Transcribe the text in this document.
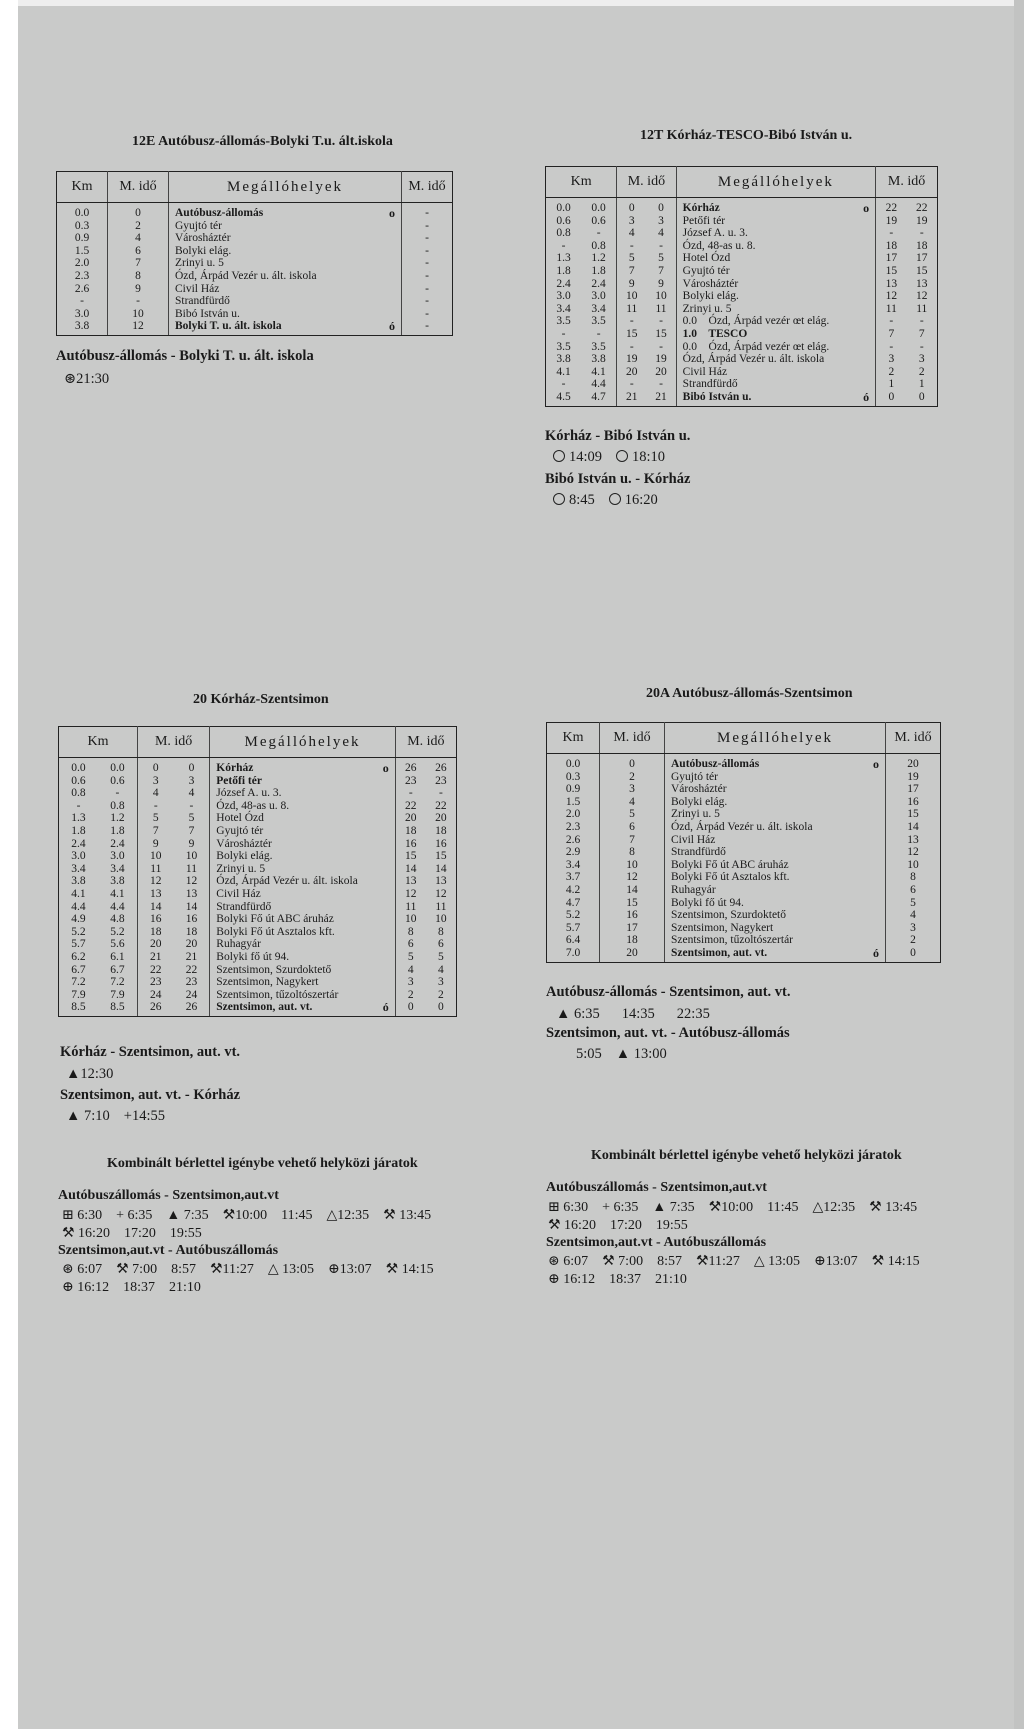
12E Autóbusz-állomás-Bolyki T.u. ált.iskola
Km	M. idő	Megállóhelyek		M. idő
0.0	0	Autóbusz-állomás	o	-
0.3	2	Gyujtó tér		-
0.9	4	Városháztér		-
1.5	6	Bolyki elág.		-
2.0	7	Zrinyi u. 5		-
2.3	8	Ózd, Árpád Vezér u. ált. iskola		-
2.6	9	Civil Ház		-
-	-	Strandfürdő		-
3.0	10	Bibó István u.		-
3.8	12	Bolyki T. u. ált. iskola	ó	-
Autóbusz-állomás - Bolyki T. u. ált. iskola
⊛21:30
12T Kórház-TESCO-Bibó István u.
Km		M. idő		Megállóhelyek		M. idő	
0.0	0.0	0	0	Kórház	o	22	22
0.6	0.6	3	3	Petőfi tér		19	19
0.8	-	4	4	József A. u. 3.		-	-
-	0.8	-	-	Ózd, 48-as u. 8.		18	18
1.3	1.2	5	5	Hotel Ózd		17	17
1.8	1.8	7	7	Gyujtó tér		15	15
2.4	2.4	9	9	Városháztér		13	13
3.0	3.0	10	10	Bolyki elág.		12	12
3.4	3.4	11	11	Zrinyi u. 5		11	11
3.5	3.5	-	-	0.0    Ózd, Árpád vezér œt elág.		-	-
-	-	15	15	1.0    TESCO		7	7
3.5	3.5	-	-	0.0    Ózd, Árpád vezér œt elág.		-	-
3.8	3.8	19	19	Ózd, Árpád Vezér u. ált. iskola		3	3
4.1	4.1	20	20	Civil Ház		2	2
-	4.4	-	-	Strandfürdő		1	1
4.5	4.7	21	21	Bibó István u.	ó	0	0
Kórház - Bibó István u.
14:09 18:10
Bibó István u. - Kórház
8:45 16:20
20 Kórház-Szentsimon
Km		M. idő		Megállóhelyek		M. idő	
0.0	0.0	0	0	Kórház	o	26	26
0.6	0.6	3	3	Petőfi tér		23	23
0.8	-	4	4	József A. u. 3.		-	-
-	0.8	-	-	Ózd, 48-as u. 8.		22	22
1.3	1.2	5	5	Hotel Ózd		20	20
1.8	1.8	7	7	Gyujtó tér		18	18
2.4	2.4	9	9	Városháztér		16	16
3.0	3.0	10	10	Bolyki elág.		15	15
3.4	3.4	11	11	Zrinyi u. 5		14	14
3.8	3.8	12	12	Ózd, Árpád Vezér u. ált. iskola		13	13
4.1	4.1	13	13	Civil Ház		12	12
4.4	4.4	14	14	Strandfürdő		11	11
4.9	4.8	16	16	Bolyki Fő út ABC áruház		10	10
5.2	5.2	18	18	Bolyki Fő út Asztalos kft.		8	8
5.7	5.6	20	20	Ruhagyár		6	6
6.2	6.1	21	21	Bolyki fő út 94.		5	5
6.7	6.7	22	22	Szentsimon, Szurdoktető		4	4
7.2	7.2	23	23	Szentsimon, Nagykert		3	3
7.9	7.9	24	24	Szentsimon, tűzoltószertár		2	2
8.5	8.5	26	26	Szentsimon, aut. vt.	ó	0	0
Kórház - Szentsimon, aut. vt.
▲12:30
Szentsimon, aut. vt. - Kórház
▲ 7:10 +14:55
20A Autóbusz-állomás-Szentsimon
Km	M. idő	Megállóhelyek		M. idő
0.0	0	Autóbusz-állomás	o	20
0.3	2	Gyujtó tér		19
0.9	3	Városháztér		17
1.5	4	Bolyki elág.		16
2.0	5	Zrinyi u. 5		15
2.3	6	Ózd, Árpád Vezér u. ált. iskola		14
2.6	7	Civil Ház		13
2.9	8	Strandfürdő		12
3.4	10	Bolyki Fő út ABC áruház		10
3.7	12	Bolyki Fő út Asztalos kft.		8
4.2	14	Ruhagyár		6
4.7	15	Bolyki fő út 94.		5
5.2	16	Szentsimon, Szurdoktető		4
5.7	17	Szentsimon, Nagykert		3
6.4	18	Szentsimon, tűzoltószertár		2
7.0	20	Szentsimon, aut. vt.	ó	0
Autóbusz-állomás - Szentsimon, aut. vt.
▲ 6:35 14:35 22:35
Szentsimon, aut. vt. - Autóbusz-állomás
5:05 ▲ 13:00
Kombinált bérlettel igénybe vehető helyközi járatok
Autóbuszállomás - Szentsimon,aut.vt
⊞ 6:30 + 6:35 ▲ 7:35 ⚒10:00 11:45 △12:35 ⚒ 13:45
⚒ 16:20 17:20 19:55
Szentsimon,aut.vt - Autóbuszállomás
⊛ 6:07 ⚒ 7:00 8:57 ⚒11:27 △ 13:05 ⊕13:07 ⚒ 14:15
⊕ 16:12 18:37 21:10
Kombinált bérlettel igénybe vehető helyközi járatok
Autóbuszállomás - Szentsimon,aut.vt
⊞ 6:30 + 6:35 ▲ 7:35 ⚒10:00 11:45 △12:35 ⚒ 13:45
⚒ 16:20 17:20 19:55
Szentsimon,aut.vt - Autóbuszállomás
⊛ 6:07 ⚒ 7:00 8:57 ⚒11:27 △ 13:05 ⊕13:07 ⚒ 14:15
⊕ 16:12 18:37 21:10
